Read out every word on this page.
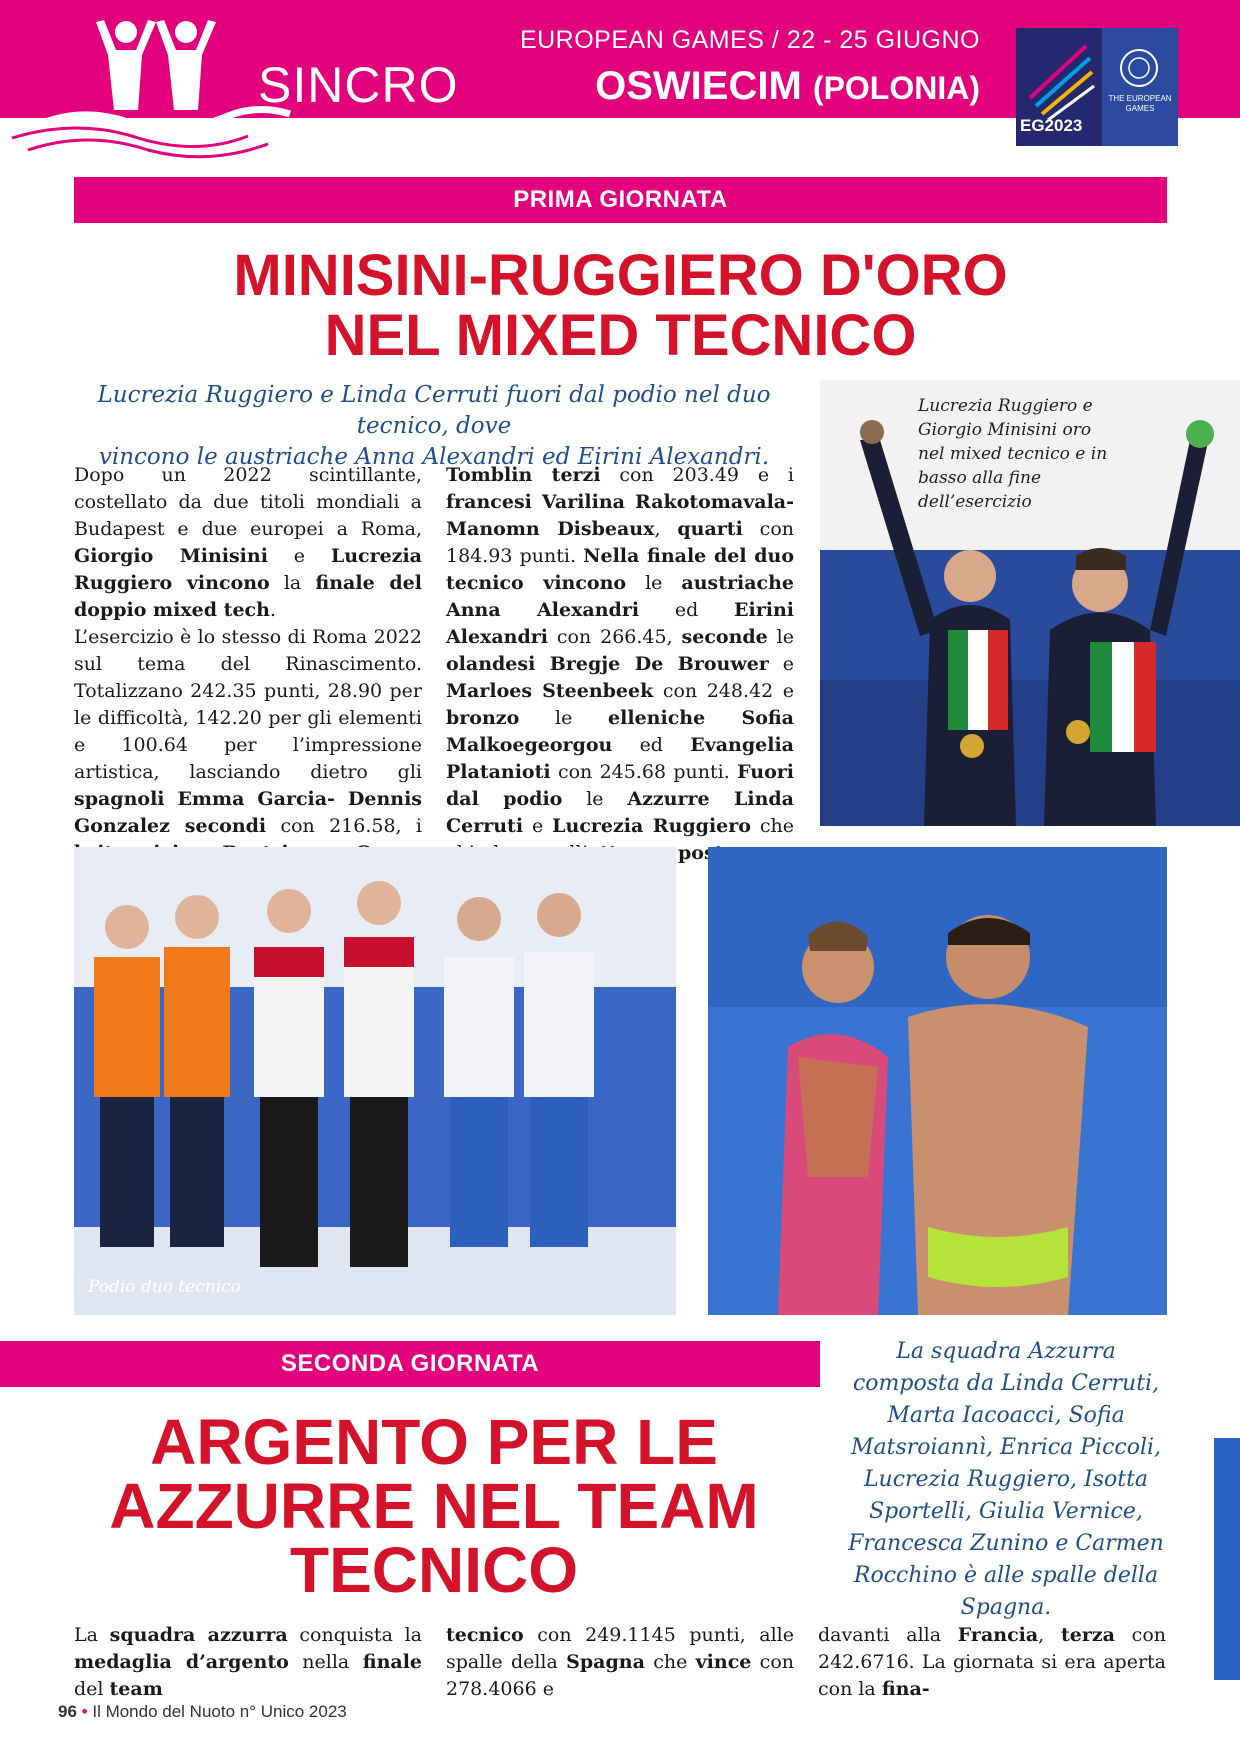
SINCRO
EUROPEAN GAMES / 22 - 25 GIUGNO
OSWIECIM (POLONIA)
EG2023
THE EUROPEAN GAMES
PRIMA GIORNATA
MINISINI-RUGGIERO D'ORO
NEL MIXED TECNICO
Lucrezia Ruggiero e Linda Cerruti fuori dal podio nel duo tecnico, dove
vincono le austriache Anna Alexandri ed Eirini Alexandri.

Dopo un 2022 scintillante, costellato da due titoli mondiali a Budapest e due europei a Roma, Giorgio Minisini e Lucrezia Ruggiero vincono la finale del doppio mixed tech.

L’esercizio è lo stesso di Roma 2022 sul tema del Rinascimento. Totalizzano 242.35 punti, 28.90 per le difficoltà, 142.20 per gli elementi e 100.64 per l’impressione artistica, lasciando dietro gli spagnoli Emma Garcia- Dennis Gonzalez secondi con 216.58, i

Tomblin terzi con 203.49 e i francesi Varilina Rakotomavala-Manomn Disbeaux, quarti con 184.93 punti. Nella finale del duo tecnico vincono le austriache Anna Alexandri ed Eirini Alexandri con 266.45, seconde le olandesi Bregje De Brouwer e Marloes Steenbeek con 248.42 e bronzo le elleniche Sofia Malkoegeorgou ed Evangelia Platanioti con 245.68 punti. Fuori dal podio le Azzurre Linda Cerruti e Lucrezia Ruggiero che

Lucrezia Ruggiero e Giorgio Minisini oro nel mixed tecnico e in basso alla fine dell’esercizio
Podio duo tecnico
SECONDA GIORNATA
ARGENTO PER LE
AZZURRE NEL TEAM
TECNICO
La squadra Azzurra composta da Linda Cerruti, Marta Iacoacci, Sofia Matsroiannì, Enrica Piccoli, Lucrezia Ruggiero, Isotta Sportelli, Giulia Vernice, Francesca Zunino e Carmen Rocchino è alle spalle della Spagna.

La squadra azzurra conquista la medaglia d’argento nella finale del team

tecnico con 249.1145 punti, alle spalle della Spagna che vince con 278.4066 e

davanti alla Francia, terza con 242.6716. La giornata si era aperta con la fina-

96 • Il Mondo del Nuoto n° Unico 2023
